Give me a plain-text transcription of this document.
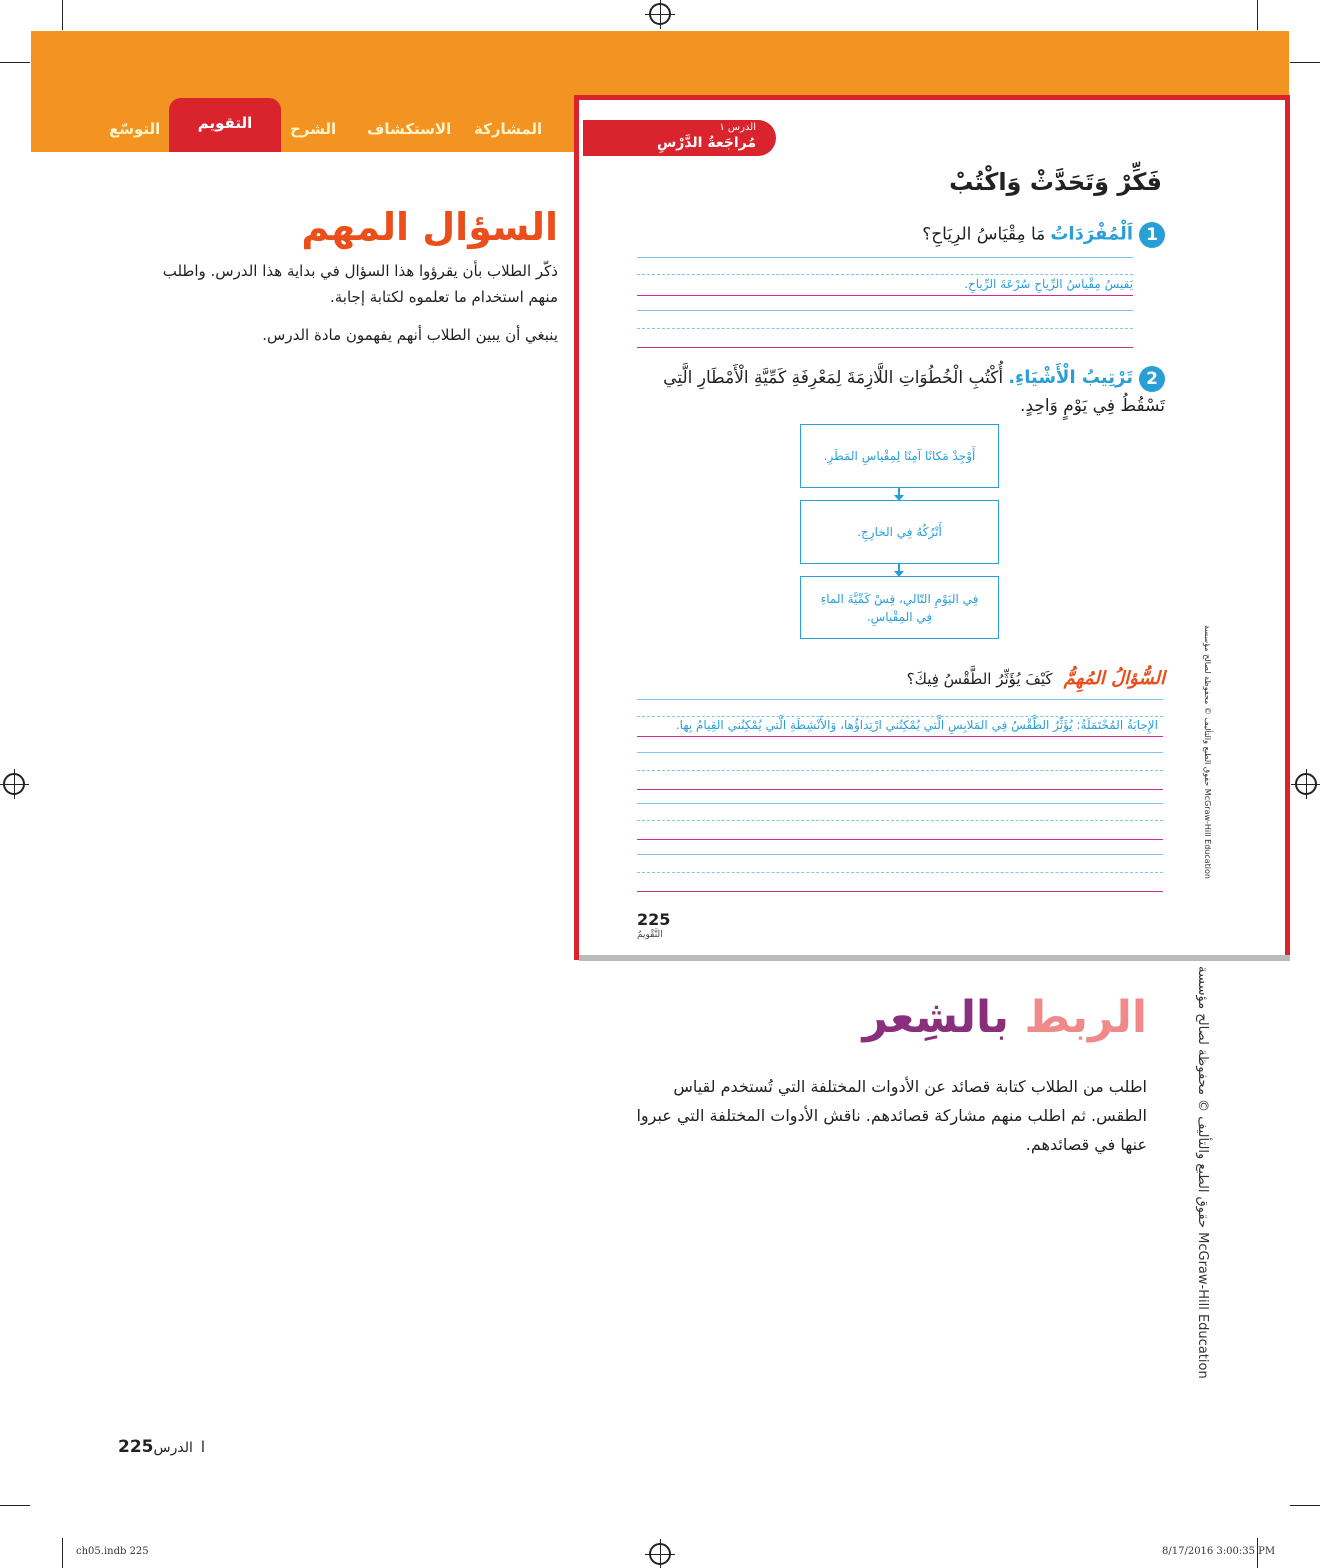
المشاركة
الاستكشاف
الشرح
التقويم
التوسّع
السؤال المهم
ذكّر الطلاب بأن يقرؤوا هذا السؤال في بداية هذا الدرس. واطلب منهم استخدام ما تعلموه لكتابة إجابة.
ينبغي أن يبين الطلاب أنهم يفهمون مادة الدرس.
الدرس ١
مُراجَعةُ الدَّرْسِ
فَكِّرْ وَتَحَدَّثْ وَاكْتُبْ
1اَلْمُفْرَدَاتُ مَا مِقْيَاسُ الرِيَاحِ؟
يَقيسُ مِقْياسُ الرِّياحِ سُرْعَةَ الرِّياحِ.
2تَرْتِيبُ الْأَشْيَاءِ. أُكْتُبِ الْخُطُوَاتِ اللَّازِمَةَ لِمَعْرِفَةِ كَمِّيَّةِ الْأَمْطَارِ الَّتِي تَسْقُطُ فِي يَوْمٍ وَاحِدٍ.
أَوْجِدْ مَكانًا آمِنًا لِمِقْياسِ المَطَرِ.
أَتْرُكُهُ فِي الخارِجِ.
فِي اليَوْمِ التّالي، قِسْ كَمِّيَّةَ الماءِ فِي المِقْياسِ.
السُّؤالُ المُهِمُّ كَيْفَ يُؤَثِّرُ الطَّقْسُ فِيكَ؟
الإِجابَةُ المُحْتَمَلَةُ: يُؤَثِّرُ الطَّقْسُ فِي المَلابِسِ الَّتي يُمْكِنُني ارْتِداؤُها، وَالأَنْشِطَةِ الَّتي يُمْكِنُني القِيامُ بِها.
225
التَّقْويمُ
حقوق الطبع والتأليف © محفوظة لصالح مؤسسة McGraw-Hill Education
حقوق الطبع والتأليف © محفوظة لصالح مؤسسة McGraw-Hill Education
الربط بالشِعر
اطلب من الطلاب كتابة قصائد عن الأدوات المختلفة التي تُستخدم لقياس الطقس. ثم اطلب منهم مشاركة قصائدهم. ناقش الأدوات المختلفة التي عبروا عنها في قصائدهم.
225	االدرس
ch05.indb 225	8/17/2016 3:00:35 PM
